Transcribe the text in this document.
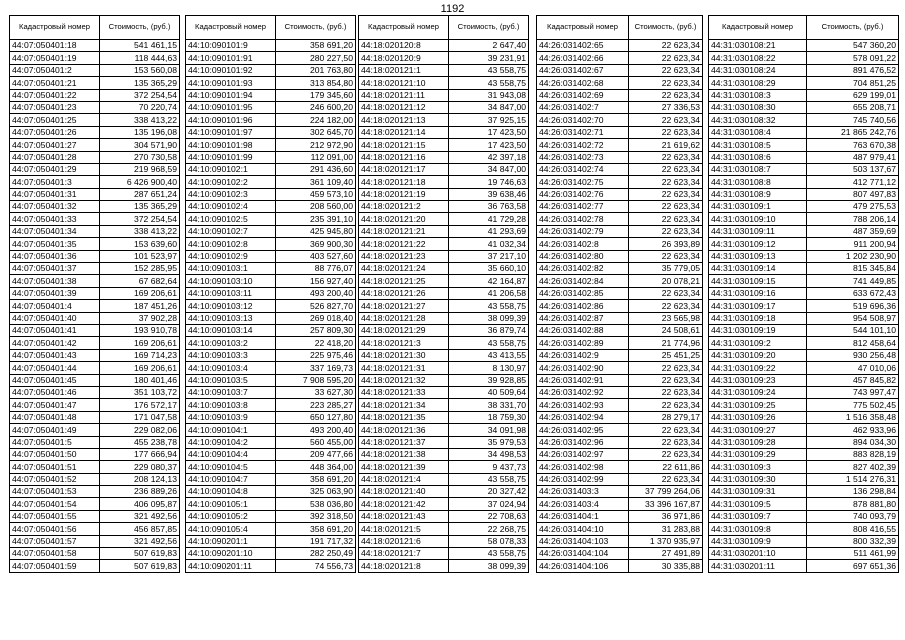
1192
Кадастровый номер	Стоимость, (руб.)
44:07:050401:18	541 461,15
44:07:050401:19	118 444,63
44:07:050401:2	153 560,08
44:07:050401:21	135 365,29
44:07:050401:22	372 254,54
44:07:050401:23	70 220,74
44:07:050401:25	338 413,22
44:07:050401:26	135 196,08
44:07:050401:27	304 571,90
44:07:050401:28	270 730,58
44:07:050401:29	219 968,59
44:07:050401:3	6 426 900,40
44:07:050401:31	287 651,24
44:07:050401:32	135 365,29
44:07:050401:33	372 254,54
44:07:050401:34	338 413,22
44:07:050401:35	153 639,60
44:07:050401:36	101 523,97
44:07:050401:37	152 285,95
44:07:050401:38	67 682,64
44:07:050401:39	169 206,61
44:07:050401:4	187 451,26
44:07:050401:40	37 902,28
44:07:050401:41	193 910,78
44:07:050401:42	169 206,61
44:07:050401:43	169 714,23
44:07:050401:44	169 206,61
44:07:050401:45	180 401,46
44:07:050401:46	351 103,72
44:07:050401:47	176 572,17
44:07:050401:48	171 047,58
44:07:050401:49	229 082,06
44:07:050401:5	455 238,78
44:07:050401:50	177 666,94
44:07:050401:51	229 080,37
44:07:050401:52	208 124,13
44:07:050401:53	236 889,26
44:07:050401:54	406 095,87
44:07:050401:55	321 492,56
44:07:050401:56	456 857,85
44:07:050401:57	321 492,56
44:07:050401:58	507 619,83
44:07:050401:59	507 619,83
Кадастровый номер	Стоимость, (руб.)
44:10:090101:9	358 691,20
44:10:090101:91	280 227,50
44:10:090101:92	201 763,80
44:10:090101:93	313 854,80
44:10:090101:94	179 345,60
44:10:090101:95	246 600,20
44:10:090101:96	224 182,00
44:10:090101:97	302 645,70
44:10:090101:98	212 972,90
44:10:090101:99	112 091,00
44:10:090102:1	291 436,60
44:10:090102:2	361 109,40
44:10:090102:3	459 573,10
44:10:090102:4	208 560,00
44:10:090102:5	235 391,10
44:10:090102:7	425 945,80
44:10:090102:8	369 900,30
44:10:090102:9	403 527,60
44:10:090103:1	88 776,07
44:10:090103:10	156 927,40
44:10:090103:11	493 200,40
44:10:090103:12	526 827,70
44:10:090103:13	269 018,40
44:10:090103:14	257 809,30
44:10:090103:2	22 418,20
44:10:090103:3	225 975,46
44:10:090103:4	337 169,73
44:10:090103:5	7 908 595,20
44:10:090103:7	33 627,30
44:10:090103:8	223 285,27
44:10:090103:9	650 127,80
44:10:090104:1	493 200,40
44:10:090104:2	560 455,00
44:10:090104:4	209 477,66
44:10:090104:5	448 364,00
44:10:090104:7	358 691,20
44:10:090104:8	325 063,90
44:10:090105:1	538 036,80
44:10:090105:2	392 318,50
44:10:090105:4	358 691,20
44:10:090201:1	191 717,32
44:10:090201:10	282 250,49
44:10:090201:11	74 556,73
Кадастровый номер	Стоимость, (руб.)
44:18:020120:8	2 647,40
44:18:020120:9	39 231,91
44:18:020121:1	43 558,75
44:18:020121:10	43 558,75
44:18:020121:11	31 943,08
44:18:020121:12	34 847,00
44:18:020121:13	37 925,15
44:18:020121:14	17 423,50
44:18:020121:15	17 423,50
44:18:020121:16	42 397,18
44:18:020121:17	34 847,00
44:18:020121:18	19 746,63
44:18:020121:19	39 638,46
44:18:020121:2	36 763,58
44:18:020121:20	41 729,28
44:18:020121:21	41 293,69
44:18:020121:22	41 032,34
44:18:020121:23	37 217,10
44:18:020121:24	35 660,10
44:18:020121:25	42 164,87
44:18:020121:26	41 206,58
44:18:020121:27	43 558,75
44:18:020121:28	38 099,39
44:18:020121:29	36 879,74
44:18:020121:3	43 558,75
44:18:020121:30	43 413,55
44:18:020121:31	8 130,97
44:18:020121:32	39 928,85
44:18:020121:33	40 509,64
44:18:020121:34	38 331,70
44:18:020121:35	18 759,30
44:18:020121:36	34 091,98
44:18:020121:37	35 979,53
44:18:020121:38	34 498,53
44:18:020121:39	9 437,73
44:18:020121:4	43 558,75
44:18:020121:40	20 327,42
44:18:020121:42	37 024,94
44:18:020121:43	22 708,63
44:18:020121:5	22 268,75
44:18:020121:6	58 078,33
44:18:020121:7	43 558,75
44:18:020121:8	38 099,39
Кадастровый номер	Стоимость, (руб.)
44:26:031402:65	22 623,34
44:26:031402:66	22 623,34
44:26:031402:67	22 623,34
44:26:031402:68	22 623,34
44:26:031402:69	22 623,34
44:26:031402:7	27 336,53
44:26:031402:70	22 623,34
44:26:031402:71	22 623,34
44:26:031402:72	21 619,62
44:26:031402:73	22 623,34
44:26:031402:74	22 623,34
44:26:031402:75	22 623,34
44:26:031402:76	22 623,34
44:26:031402:77	22 623,34
44:26:031402:78	22 623,34
44:26:031402:79	22 623,34
44:26:031402:8	26 393,89
44:26:031402:80	22 623,34
44:26:031402:82	35 779,05
44:26:031402:84	20 078,21
44:26:031402:85	22 623,34
44:26:031402:86	22 623,34
44:26:031402:87	23 565,98
44:26:031402:88	24 508,61
44:26:031402:89	21 774,96
44:26:031402:9	25 451,25
44:26:031402:90	22 623,34
44:26:031402:91	22 623,34
44:26:031402:92	22 623,34
44:26:031402:93	22 623,34
44:26:031402:94	28 279,17
44:26:031402:95	22 623,34
44:26:031402:96	22 623,34
44:26:031402:97	22 623,34
44:26:031402:98	22 611,86
44:26:031402:99	22 623,34
44:26:031403:3	37 799 264,06
44:26:031403:4	33 396 167,87
44:26:031404:1	36 971,86
44:26:031404:10	31 283,88
44:26:031404:103	1 370 935,97
44:26:031404:104	27 491,89
44:26:031404:106	30 335,88
Кадастровый номер	Стоимость, (руб.)
44:31:030108:21	547 360,20
44:31:030108:22	578 091,22
44:31:030108:24	891 476,52
44:31:030108:29	704 851,25
44:31:030108:3	629 199,01
44:31:030108:30	655 208,71
44:31:030108:32	745 740,56
44:31:030108:4	21 865 242,76
44:31:030108:5	763 670,38
44:31:030108:6	487 979,41
44:31:030108:7	503 137,67
44:31:030108:8	412 771,12
44:31:030108:9	807 497,83
44:31:030109:1	479 275,53
44:31:030109:10	788 206,14
44:31:030109:11	487 359,69
44:31:030109:12	911 200,94
44:31:030109:13	1 202 230,90
44:31:030109:14	815 345,84
44:31:030109:15	741 449,85
44:31:030109:16	633 672,43
44:31:030109:17	519 696,36
44:31:030109:18	954 508,97
44:31:030109:19	544 101,10
44:31:030109:2	812 458,64
44:31:030109:20	930 256,48
44:31:030109:22	47 010,06
44:31:030109:23	457 845,82
44:31:030109:24	743 997,47
44:31:030109:25	775 502,45
44:31:030109:26	1 516 358,48
44:31:030109:27	462 933,96
44:31:030109:28	894 034,30
44:31:030109:29	883 828,19
44:31:030109:3	827 402,39
44:31:030109:30	1 514 276,31
44:31:030109:31	136 298,84
44:31:030109:5	878 881,80
44:31:030109:7	740 093,79
44:31:030109:8	808 416,55
44:31:030109:9	800 332,39
44:31:030201:10	511 461,99
44:31:030201:11	697 651,36
